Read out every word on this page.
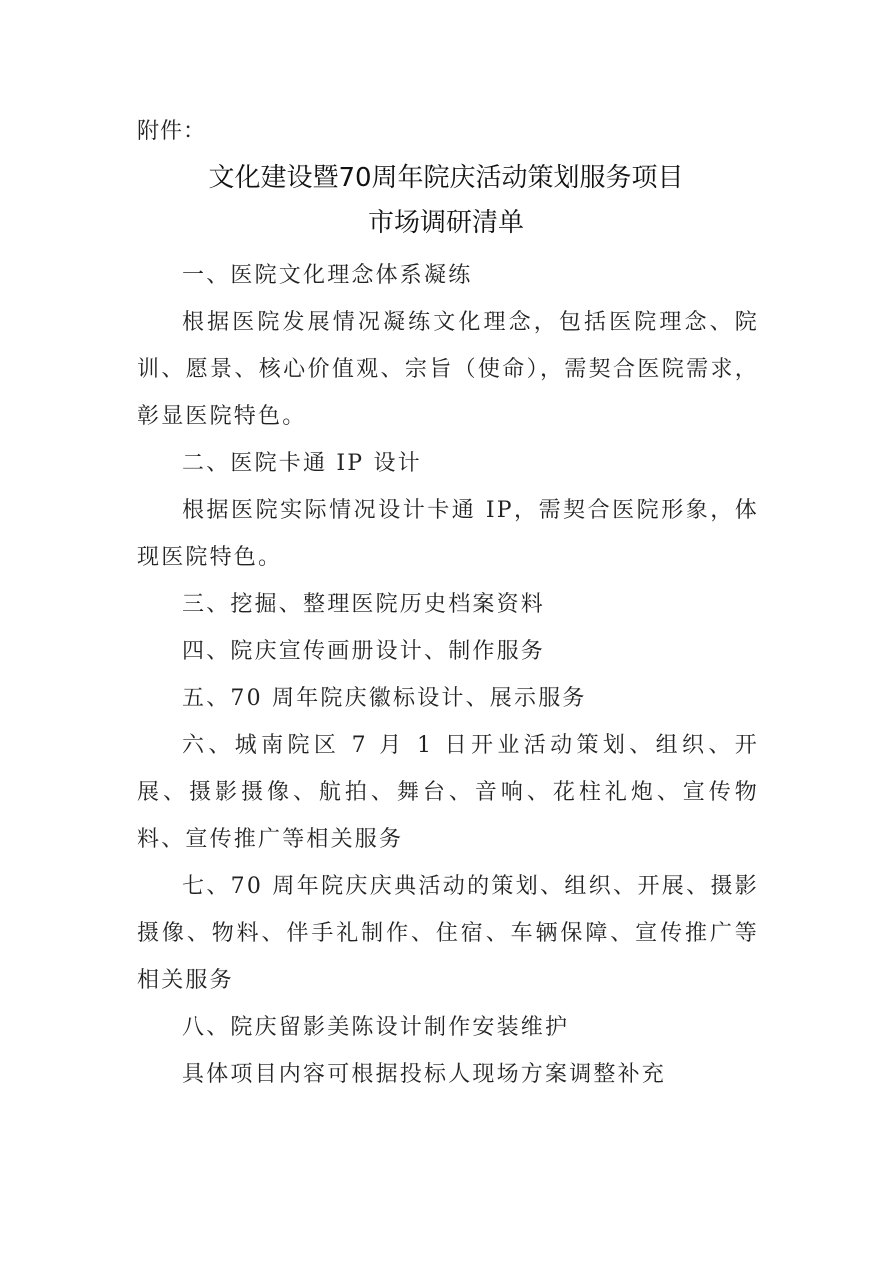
附件：
文化建设暨70周年院庆活动策划服务项目
市场调研清单

一、医院文化理念体系凝练

根据医院发展情况凝练文化理念，包括医院理念、院训、愿景、核心价值观、宗旨（使命），需契合医院需求，彰显医院特色。

二、医院卡通 IP 设计

根据医院实际情况设计卡通 IP，需契合医院形象，体现医院特色。

三、挖掘、整理医院历史档案资料

四、院庆宣传画册设计、制作服务

五、70 周年院庆徽标设计、展示服务

六、城南院区 7 月 1 日开业活动策划、组织、开展、摄影摄像、航拍、舞台、音响、花柱礼炮、宣传物料、宣传推广等相关服务

七、70 周年院庆庆典活动的策划、组织、开展、摄影摄像、物料、伴手礼制作、住宿、车辆保障、宣传推广等相关服务

八、院庆留影美陈设计制作安装维护

具体项目内容可根据投标人现场方案调整补充
